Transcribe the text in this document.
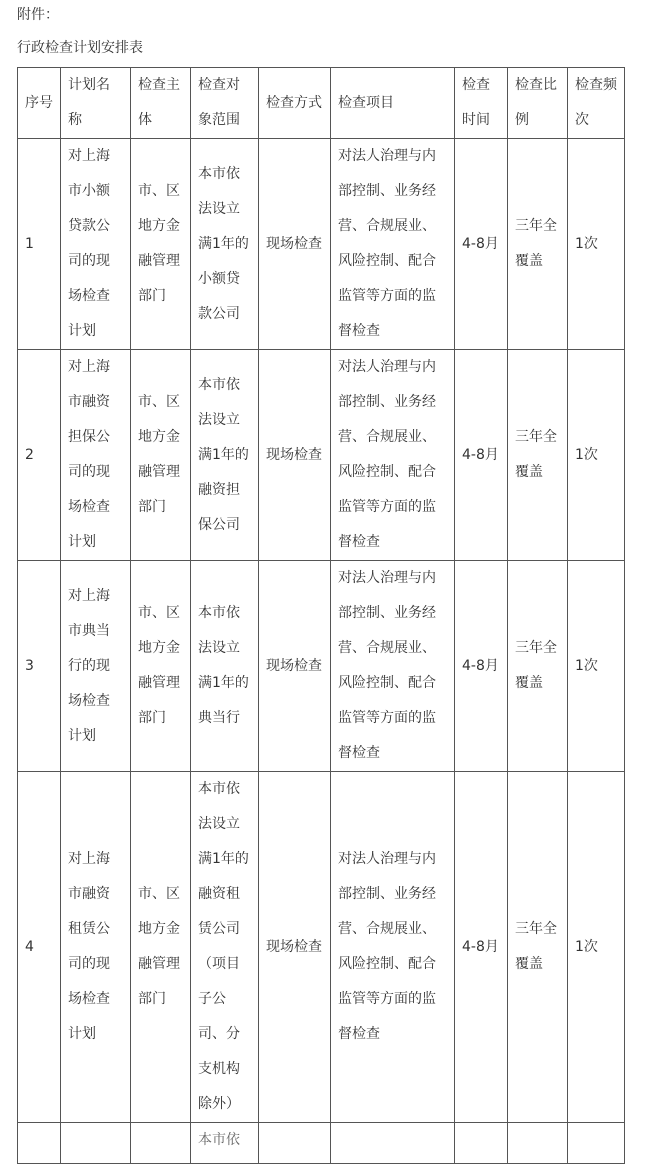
附件：
行政检查计划安排表
序号	计划名称	检查主体	检查对象范围	检查方式	检查项目	检查时间	检查比例	检查频次
1	对上海市小额贷款公司的现场检查计划	市、区地方金融管理部门	本市依法设立满1年的小额贷款公司	现场检查	对法人治理与内部控制、业务经营、合规展业、风险控制、配合监管等方面的监督检查	4-8月	三年全覆盖	1次
2	对上海市融资担保公司的现场检查计划	市、区地方金融管理部门	本市依法设立满1年的融资担保公司	现场检查	对法人治理与内部控制、业务经营、合规展业、风险控制、配合监管等方面的监督检查	4-8月	三年全覆盖	1次
3	对上海市典当行的现场检查计划	市、区地方金融管理部门	本市依法设立满1年的典当行	现场检查	对法人治理与内部控制、业务经营、合规展业、风险控制、配合监管等方面的监督检查	4-8月	三年全覆盖	1次
4	对上海市融资租赁公司的现场检查计划	市、区地方金融管理部门	本市依法设立满1年的融资租赁公司（项目子公司、分支机构除外）	现场检查	对法人治理与内部控制、业务经营、合规展业、风险控制、配合监管等方面的监督检查	4-8月	三年全覆盖	1次
			本市依					
